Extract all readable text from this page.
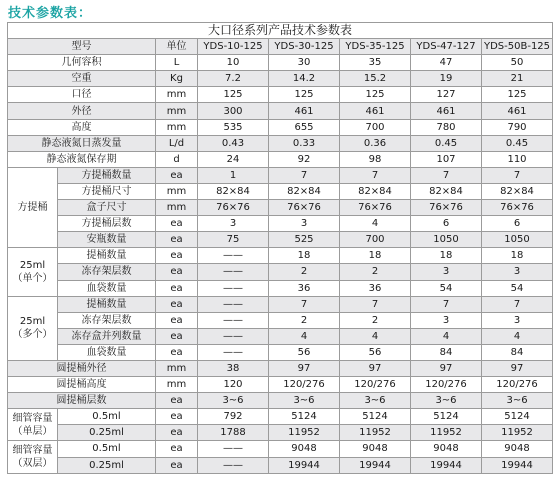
技术参数表：
大口径系列产品技术参数表							
型号		单位	YDS-10-125	YDS-30-125	YDS-35-125	YDS-47-127	YDS-50B-125
几何容积		L	10	30	35	47	50
空重		Kg	7.2	14.2	15.2	19	21
口径		mm	125	125	125	127	125
外径		mm	300	461	461	461	461
高度		mm	535	655	700	780	790
静态液氮日蒸发量		L/d	0.43	0.33	0.36	0.45	0.45
静态液氮保存期		d	24	92	98	107	110
方提桶	方提桶数量	ea	1	7	7	7	7
	方提桶尺寸	mm	82×84	82×84	82×84	82×84	82×84
	盒子尺寸	mm	76×76	76×76	76×76	76×76	76×76
	方提桶层数	ea	3	3	4	6	6
	安瓶数量	ea	75	525	700	1050	1050
25ml
（单个）	提桶数量	ea	——	18	18	18	18
	冻存架层数	ea	——	2	2	3	3
	血袋数量	ea	——	36	36	54	54
25ml
（多个）	提桶数量	ea	——	7	7	7	7
	冻存架层数	ea	——	2	2	3	3
	冻存盒并列数量	ea	——	4	4	4	4
	血袋数量	ea	——	56	56	84	84
圆提桶外径		mm	38	97	97	97	97
圆提桶高度		mm	120	120/276	120/276	120/276	120/276
圆提桶层数		ea	3~6	3~6	3~6	3~6	3~6
细管容量
（单层）	0.5ml	ea	792	5124	5124	5124	5124
	0.25ml	ea	1788	11952	11952	11952	11952
细管容量
（双层）	0.5ml	ea	——	9048	9048	9048	9048
	0.25ml	ea	——	19944	19944	19944	19944
